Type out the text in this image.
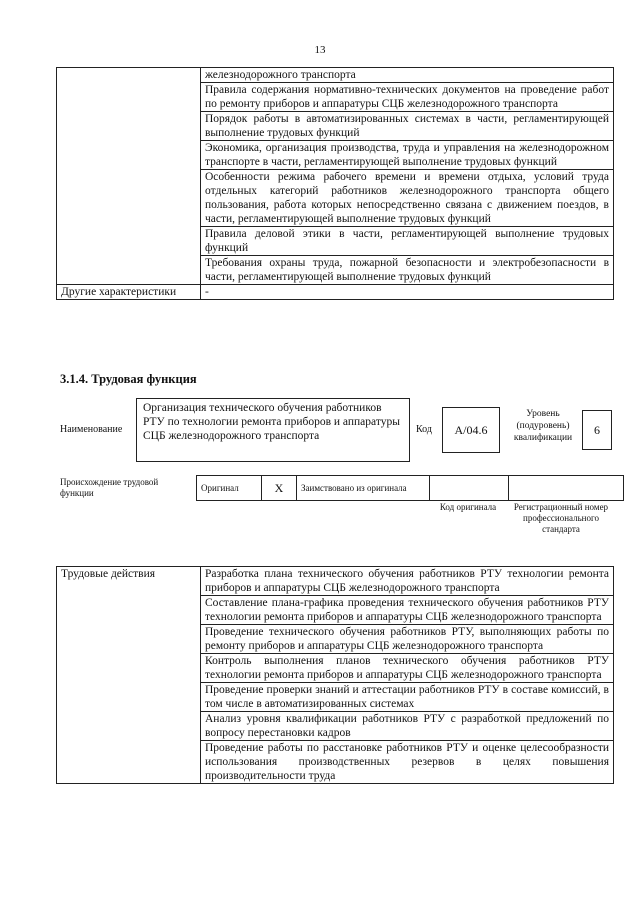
13
	железнодорожного транспорта
	Правила содержания нормативно-технических документов на проведение работ по ремонту приборов и аппаратуры СЦБ железнодорожного транспорта
	Порядок работы в автоматизированных системах в части, регламентирующей выполнение трудовых функций
	Экономика, организация производства, труда и управления на железнодорожном транспорте в части, регламентирующей выполнение трудовых функций
	Особенности режима рабочего времени и времени отдыха, условий труда отдельных категорий работников железнодорожного транспорта общего пользования, работа которых непосредственно связана с движением поездов, в части, регламентирующей выполнение трудовых функций
	Правила деловой этики в части, регламентирующей выполнение трудовых функций
	Требования охраны труда, пожарной безопасности и электробезопасности в части, регламентирующей выполнение трудовых функций
Другие характеристики	-
3.1.4. Трудовая функция
Наименование
Организация технического обучения работников РТУ по технологии ремонта приборов и аппаратуры СЦБ железнодорожного транспорта
Код	А/04.6
Уровень (подуровень) квалификации
6
Происхождение трудовой функции
Оригинал	X	Заимствовано из оригинала		
Код оригинала	Регистрационный номер профессионального стандарта
Трудовые действия	Разработка плана технического обучения работников РТУ технологии ремонта приборов и аппаратуры СЦБ железнодорожного транспорта
Составление плана-графика проведения технического обучения работников РТУ технологии ремонта приборов и аппаратуры СЦБ железнодорожного транспорта
Проведение технического обучения работников РТУ, выполняющих работы по ремонту приборов и аппаратуры СЦБ железнодорожного транспорта
Контроль выполнения планов технического обучения работников РТУ технологии ремонта приборов и аппаратуры СЦБ железнодорожного транспорта
Проведение проверки знаний и аттестации работников РТУ в составе комиссий, в том числе в автоматизированных системах
Анализ уровня квалификации работников РТУ с разработкой предложений по вопросу перестановки кадров
Проведение работы по расстановке работников РТУ и оценке целесообразности использования производственных резервов в целях повышения производительности труда
